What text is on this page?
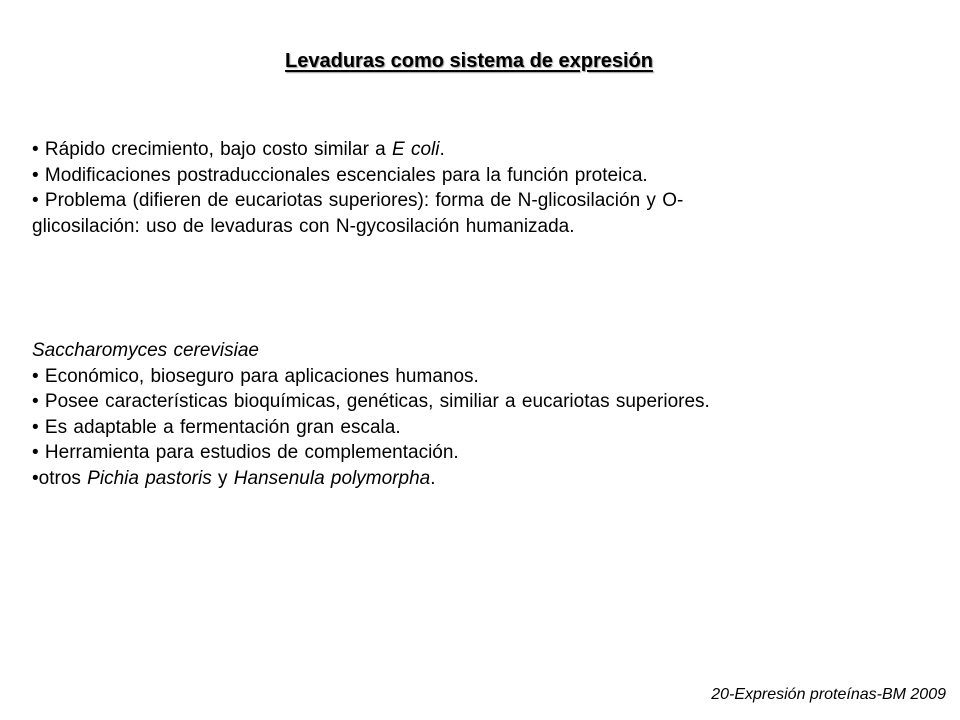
Levaduras como sistema de expresión
• Rápido crecimiento, bajo costo similar a E coli.
• Modificaciones postraduccionales escenciales para la función proteica.
• Problema (difieren de eucariotas superiores): forma de N-glicosilación y O-
glicosilación: uso de levaduras con N-gycosilación humanizada.
Saccharomyces cerevisiae
• Económico, bioseguro para aplicaciones humanos.
• Posee características bioquímicas, genéticas, similiar a eucariotas superiores.
• Es adaptable a fermentación gran escala.
• Herramienta para estudios de complementación.
•otros Pichia pastoris y Hansenula polymorpha.
20-Expresión proteínas-BM 2009
